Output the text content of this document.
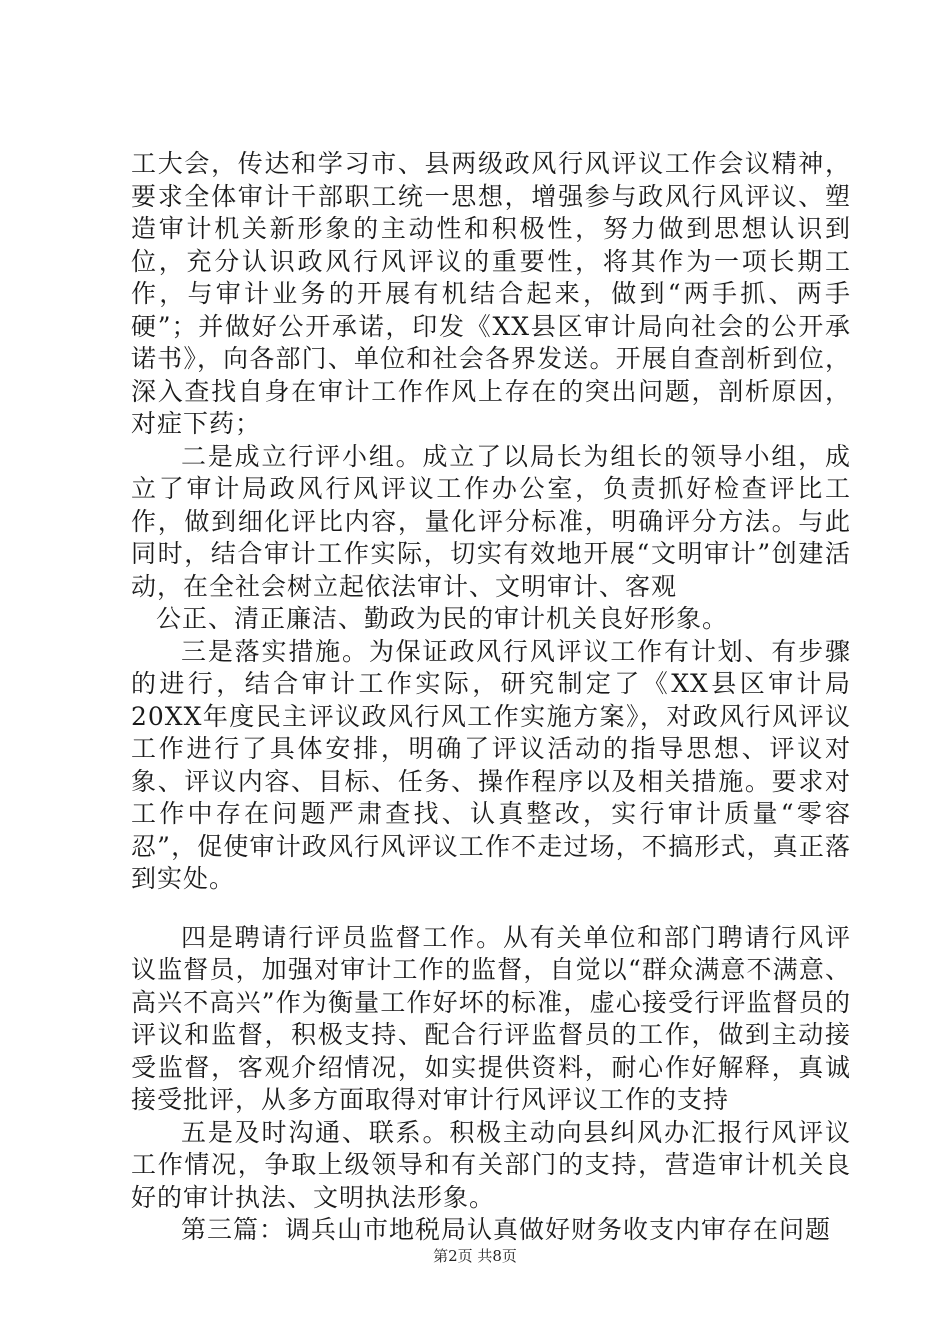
工大会，传达和学习市、县两级政风行风评议工作会议精神，要求全体审计干部职工统一思想，增强参与政风行风评议、塑造审计机关新形象的主动性和积极性，努力做到思想认识到位，充分认识政风行风评议的重要性，将其作为一项长期工作，与审计业务的开展有机结合起来，做到“两手抓、两手硬”；并做好公开承诺，印发《XX县区审计局向社会的公开承诺书》，向各部门、单位和社会各界发送。开展自查剖析到位，深入查找自身在审计工作作风上存在的突出问题，剖析原因，对症下药；

二是成立行评小组。成立了以局长为组长的领导小组，成立了审计局政风行风评议工作办公室，负责抓好检查评比工作，做到细化评比内容，量化评分标准，明确评分方法。与此同时，结合审计工作实际，切实有效地开展“文明审计”创建活动，在全社会树立起依法审计、文明审计、客观

公正、清正廉洁、勤政为民的审计机关良好形象。

三是落实措施。为保证政风行风评议工作有计划、有步骤的进行，结合审计工作实际，研究制定了《XX县区审计局20XX年度民主评议政风行风工作实施方案》，对政风行风评议工作进行了具体安排，明确了评议活动的指导思想、评议对象、评议内容、目标、任务、操作程序以及相关措施。要求对工作中存在问题严肃查找、认真整改，实行审计质量“零容忍”，促使审计政风行风评议工作不走过场，不搞形式，真正落到实处。

四是聘请行评员监督工作。从有关单位和部门聘请行风评议监督员，加强对审计工作的监督，自觉以“群众满意不满意、高兴不高兴”作为衡量工作好坏的标准，虚心接受行评监督员的评议和监督，积极支持、配合行评监督员的工作，做到主动接受监督，客观介绍情况，如实提供资料，耐心作好解释，真诚接受批评，从多方面取得对审计行风评议工作的支持

五是及时沟通、联系。积极主动向县纠风办汇报行风评议工作情况，争取上级领导和有关部门的支持，营造审计机关良好的审计执法、文明执法形象。

第三篇：调兵山市地税局认真做好财务收支内审存在问题

第2页 共8页
